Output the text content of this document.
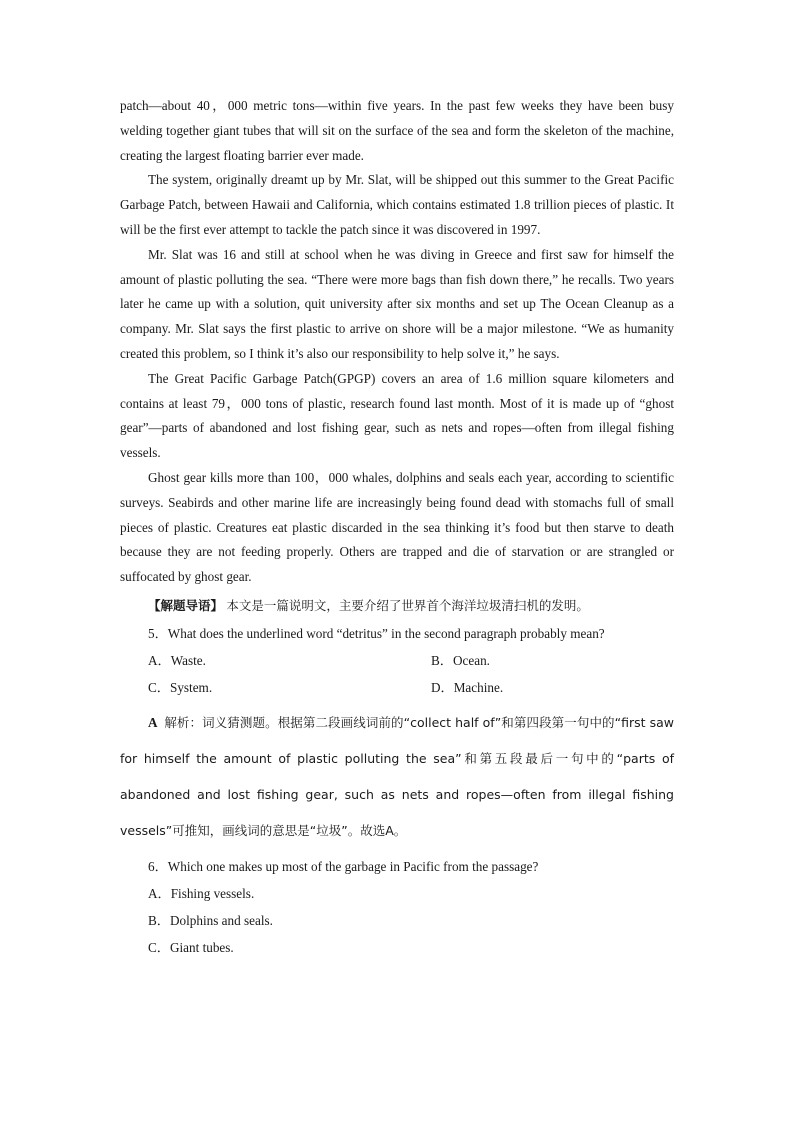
patch—about 40，000 metric tons—within five years. In the past few weeks they have been busy welding together giant tubes that will sit on the surface of the sea and form the skeleton of the machine, creating the largest floating barrier ever made.

The system, originally dreamt up by Mr. Slat, will be shipped out this summer to the Great Pacific Garbage Patch, between Hawaii and California, which contains estimated 1.8 trillion pieces of plastic. It will be the first ever attempt to tackle the patch since it was discovered in 1997.

Mr. Slat was 16 and still at school when he was diving in Greece and first saw for himself the amount of plastic polluting the sea. “There were more bags than fish down there,” he recalls. Two years later he came up with a solution, quit university after six months and set up The Ocean Cleanup as a company. Mr. Slat says the first plastic to arrive on shore will be a major milestone. “We as humanity created this problem, so I think it’s also our responsibility to help solve it,” he says.

The Great Pacific Garbage Patch(GPGP) covers an area of 1.6 million square kilometers and contains at least 79，000 tons of plastic, research found last month. Most of it is made up of “ghost gear”—parts of abandoned and lost fishing gear, such as nets and ropes—often from illegal fishing vessels.

Ghost gear kills more than 100，000 whales, dolphins and seals each year, according to scientific surveys. Seabirds and other marine life are increasingly being found dead with stomachs full of small pieces of plastic. Creatures eat plastic discarded in the sea thinking it’s food but then starve to death because they are not feeding properly. Others are trapped and die of starvation or are strangled or suffocated by ghost gear.

【解题导语】 本文是一篇说明文，主要介绍了世界首个海洋垃圾清扫机的发明。

5．What does the underlined word “detritus” in the second paragraph probably mean?

A．Waste.	B．Ocean.
C．System.	D．Machine.

A 解析：词义猜测题。根据第二段画线词前的“collect half of”和第四段第一句中的“first saw for himself the amount of plastic polluting the sea”和第五段最后一句中的“parts of abandoned and lost fishing gear, such as nets and ropes—often from illegal fishing vessels”可推知，画线词的意思是“垃圾”。故选A。

6．Which one makes up most of the garbage in Pacific from the passage?

A．Fishing vessels.
B．Dolphins and seals.
C．Giant tubes.
